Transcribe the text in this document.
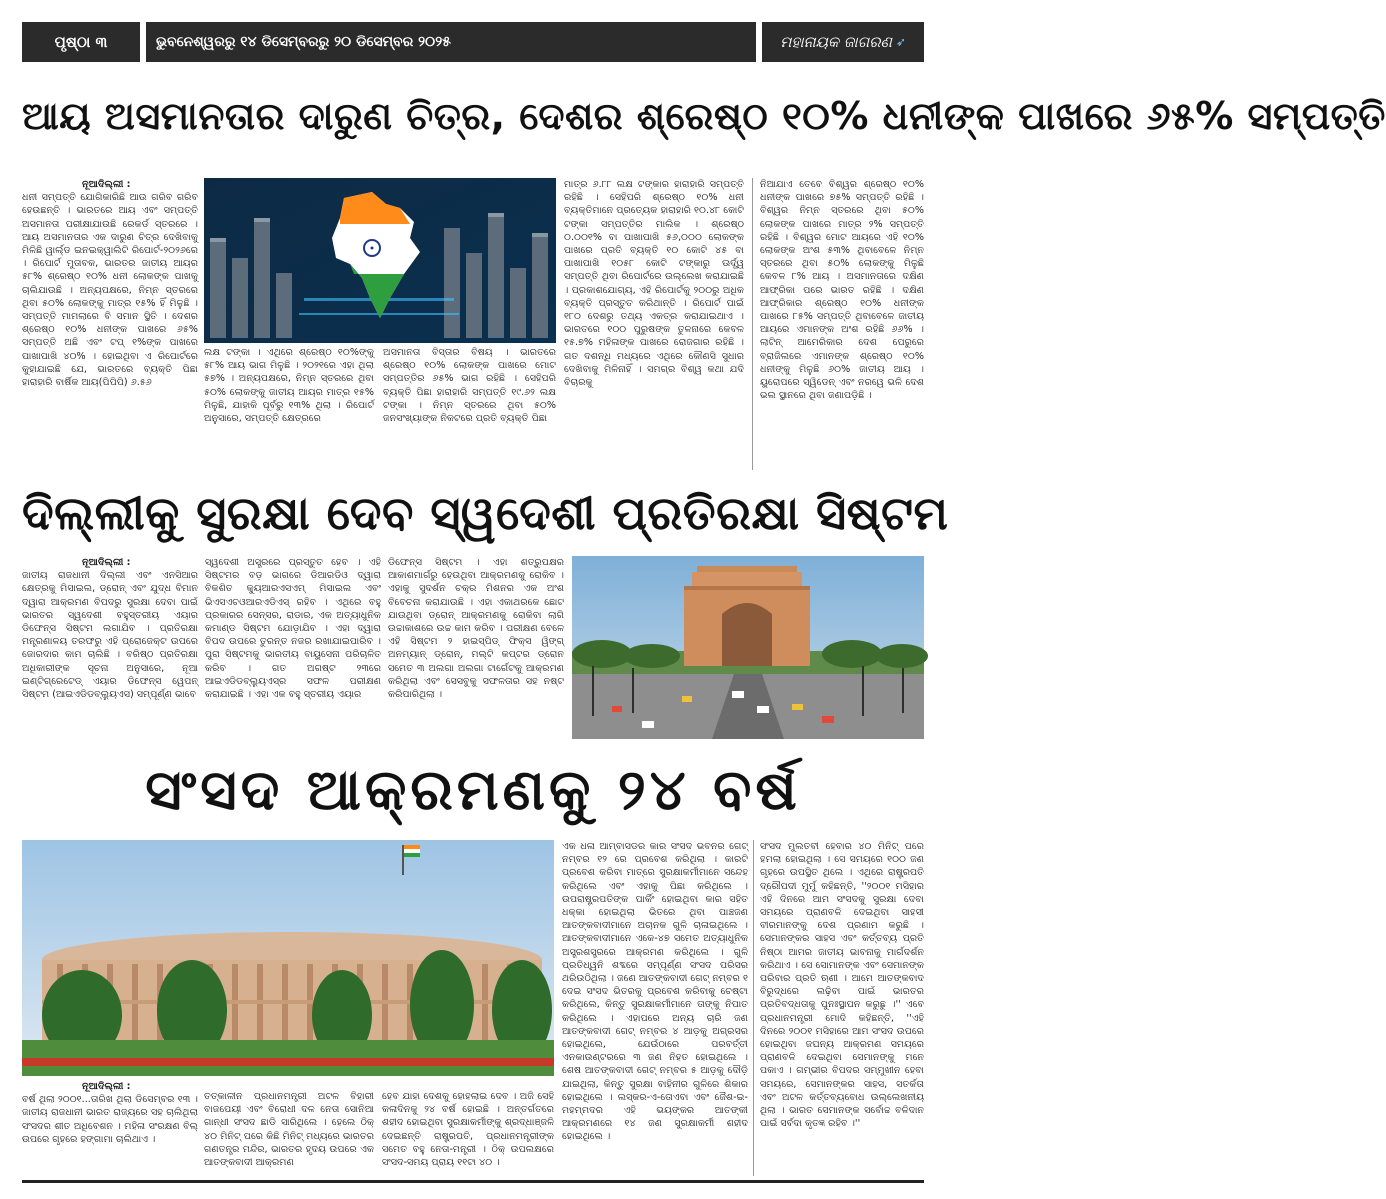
ପୃଷ୍ଠା ୩	ଭୁବନେଶ୍ୱରରୁ ୧୪ ଡିସେମ୍ବରରୁ ୨୦ ଡିସେମ୍ବର ୨୦୨୫	ମହାନାୟକ ଜାଗରଣ ➶
ଆୟ ଅସମାନତାର ଦାରୁଣ ଚିତ୍ର, ଦେଶର ଶ୍ରେଷ୍ଠ ୧୦% ଧନୀଙ୍କ ପାଖରେ ୬୫% ସମ୍ପତ୍ତି
ନୂଆଦିଲ୍ଲୀ :
ଧନୀ ସମ୍ପତ୍ତି ଯୋଗିକାରିଛି ଆଉ ଗରିବ ଗରିବ ହେଉଛନ୍ତି । ଭାରତରେ ଆୟ ଏବଂ ସମ୍ପତ୍ତି ଅସମାନତା ପରୀକ୍ଷାଯାଉଛି ରେକର୍ଡ ସ୍ତରରେ । ଆୟ ଅସମାନତାର ଏକ ଦାରୁଣ ଚିତ୍ର ଦେଖିବାକୁ ମିଳିଛି ୱାର୍ଲ୍ଡ ଇନଇକ୍ୱାଲିଟି ରିପୋର୍ଟ-୨୦୨୬ରେ । ରିପୋର୍ଟ ମୁତାବକ, ଭାରତର ଜାତୀୟ ଆୟର ୫୮% ଶ୍ରେଷ୍ଠ ୧୦% ଧନୀ ଲୋକଙ୍କ ପାଖକୁ ଚାଲିଯାଉଛି । ଅନ୍ୟପକ୍ଷରେ, ନିମ୍ନ ସ୍ତରରେ ଥିବା ୫୦% ଲୋକଙ୍କୁ ମାତ୍ର ୧୫% ହିଁ ମିଳୁଛି । ସମ୍ପତ୍ତି ମାମଲାରେ ବି ସମାନ ସ୍ଥିତି । ଦେଶର ଶ୍ରେଷ୍ଠ ୧୦% ଧନୀଙ୍କ ପାଖରେ ୬୫% ସମ୍ପତ୍ତି ଅଛି ଏବଂ ଟପ୍ ୧%ଙ୍କ ପାଖରେ ପାଖାପାଖି ୪୦% । ହୋଇଥିବା ଏ ରିପୋର୍ଟରେ କୁହାଯାଇଛି ଯେ, ଭାରତରେ ବ୍ୟକ୍ତି ପିଛା ହାରାହାରି ବାର୍ଷିକ ଆୟ(ପିପିପି) ୬.୫୬
ଲକ୍ଷ ଟଙ୍କା । ଏଥିରେ ଶ୍ରେଷ୍ଠ ୧୦%ଙ୍କୁ ୫୮% ଆୟ ଭାଗ ମିଳୁଛି । ୨୦୨୧ରେ ଏହା ଥିଲା ୫୭% । ଅନ୍ୟପକ୍ଷରେ, ନିମ୍ନ ସ୍ତରରେ ଥିବା ୫୦% ଲୋକଙ୍କୁ ଜାତୀୟ ଆୟର ମାତ୍ର ୧୫% ମିଳୁଛି, ଯାହାକି ପୂର୍ବରୁ ୧୩% ଥିଲା । ରିପୋର୍ଟ ଅନୁସାରେ, ସମ୍ପତ୍ତି କ୍ଷେତ୍ରରେ
ଅସମାନତା ବିସ୍ତାର ବିଷୟ । ଭାରତରେ ଶ୍ରେଷ୍ଠ ୧୦% ଲୋକଙ୍କ ପାଖରେ ମୋଟ ସମ୍ପତ୍ତିର ୬୫% ଭାଗ ରହିଛି । ସେହିପରି ବ୍ୟକ୍ତି ପିଛା ହାରାହାରି ସମ୍ପତ୍ତି ୧୯.୬୨ ଲକ୍ଷ ଟଙ୍କା । ନିମ୍ନ ସ୍ତରରେ ଥିବା ୫୦% ଜନସଂଖ୍ୟାଙ୍କ ନିକଟରେ ପ୍ରତି ବ୍ୟକ୍ତି ପିଛା
ମାତ୍ର ୬.୮୮ ଲକ୍ଷ ଟଙ୍କାର ହାରାହାରି ସମ୍ପତ୍ତି ରହିଛି । ସେହିପରି ଶ୍ରେଷ୍ଠ ୧୦% ଧନୀ ବ୍ୟକ୍ତିମାନେ ପ୍ରତ୍ୟେକ ହାରାହାରି ୧୦.୪୮ କୋଟି ଟଙ୍କା ସମ୍ପତ୍ତିର ମାଲିକ । ଶ୍ରେଷ୍ଠ ୦.୦୦୧% ବା ପାଖାପାଖି ୫୬,୦୦୦ ଲୋକଙ୍କ ପାଖରେ ପ୍ରତି ବ୍ୟକ୍ତି ୧୦ କୋଟି ୪୫ ବା ପାଖାପାଖି ୧୦୫୮ କୋଟି ଟଙ୍କାରୁ ଊର୍ଦ୍ଧ୍ୱ ସମ୍ପତ୍ତି ଥିବା ରିପୋର୍ଟରେ ଉଲ୍ଲେଖ କରାଯାଇଛି । ପ୍ରକାଶଯୋଗ୍ୟ, ଏହି ରିପୋର୍ଟକୁ ୨୦୦ରୁ ଅଧିକ ବ୍ୟକ୍ତି ପ୍ରସ୍ତୁତ କରିଥାନ୍ତି । ରିପୋର୍ଟ ପାଇଁ ୧୮୦ ଦେଶରୁ ତଥ୍ୟ ଏକତ୍ର କରାଯାଇଥାଏ । ଭାରତରେ ୧୦୦ ପୁରୁଷଙ୍କ ତୁଳନାରେ କେବଳ ୧୫.୭% ମହିଳାଙ୍କ ପାଖରେ ରୋଜଗାର ରହିଛି । ଗତ ଦଶନ୍ଧି ମଧ୍ୟରେ ଏଥିରେ କୌଣସି ସୁଧାର ଦେଖିବାକୁ ମିଳିନାହିଁ । ସମଗ୍ର ବିଶ୍ୱ କଥା ଯଦି ବିଚାରକୁ
ନିଆଯାଏ ତେବେ ବିଶ୍ୱର ଶ୍ରେଷ୍ଠ ୧୦% ଧନୀଙ୍କ ପାଖରେ ୭୫% ସମ୍ପତ୍ତି ରହିଛି । ବିଶ୍ୱର ନିମ୍ନ ସ୍ତରରେ ଥିବା ୫୦% ଲୋକଙ୍କ ପାଖରେ ମାତ୍ର ୨% ସମ୍ପତ୍ତି ରହିଛି । ବିଶ୍ୱର ମୋଟ ଆୟରେ ଏହି ୧୦% ଲୋକଙ୍କ ଅଂଶ ୫୩% ଥିବାବେଳେ ନିମ୍ନ ସ୍ତରରେ ଥିବା ୫୦% ଲୋକଙ୍କୁ ମିଳୁଛି କେବଳ ୮% ଆୟ । ଅସମାନତାରେ ଦକ୍ଷିଣ ଆଫ୍ରିକା ପରେ ଭାରତ ରହିଛି । ଦକ୍ଷିଣ ଆଫ୍ରିକାର ଶ୍ରେଷ୍ଠ ୧୦% ଧନୀଙ୍କ ପାଖରେ ୮୫% ସମ୍ପତ୍ତି ଥିବାବେଳେ ଜାତୀୟ ଆୟରେ ଏମାନଙ୍କ ଅଂଶ ରହିଛି ୬୬% । ଲାଟିନ୍ ଆମେରିକାର ଦେଶ ପେରୁରେ ବ୍ରାଜିଲରେ ଏମାନଙ୍କ ଶ୍ରେଷ୍ଠ ୧୦% ଧନୀଙ୍କୁ ମିଳୁଛି ୬୦% ଜାତୀୟ ଆୟ । ୟୁରୋପରେ ସ୍ୱିଡେନ୍ ଏବଂ ନରୱେ ଭଳି ଦେଶ ଭଲ ସ୍ଥାନରେ ଥିବା ଜଣାପଡ଼ିଛି ।
ଦିଲ୍ଲୀକୁ ସୁରକ୍ଷା ଦେବ ସ୍ୱଦେଶୀ ପ୍ରତିରକ୍ଷା ସିଷ୍ଟମ
ନୂଆଦିଲ୍ଲୀ :
ଜାତୀୟ ରାଜଧାନୀ ଦିଲ୍ଲୀ ଏବଂ ଏନସିଆର କ୍ଷେତ୍ରକୁ ମିସାଇଲ, ଡ୍ରୋନ୍ ଏବଂ ଯୁଦ୍ଧ ବିମାନ ଦ୍ୱାରା ଆକ୍ରମଣ ବିପଦରୁ ସୁରକ୍ଷା ଦେବା ପାଇଁ ଭାରତର ସ୍ୱଦେଶୀ ବହୁସ୍ତରୀୟ ଏୟାର ଡିଫେନ୍ସ ସିଷ୍ଟମ ଲଗାଯିବ । ପ୍ରତିରକ୍ଷା ମନ୍ତ୍ରଣାଳୟ ତରଫରୁ ଏହି ପ୍ରୋଜେକ୍ଟ ଉପରେ ଜୋରଦାର କାମ ଚାଲିଛି । ବରିଷ୍ଠ ପ୍ରତିରକ୍ଷା ଅଧିକାରୀଙ୍କ ସୂଚନା ଅନୁସାରେ, ନୂଆ ଇଣ୍ଟିଗ୍ରେଟେଡ୍ ଏୟାର ଡିଫେନ୍ସ ୱେପନ୍ ସିଷ୍ଟମ (ଆଇଏଡିଡବ୍ଲ୍ୟୁଏସ) ସମ୍ପୂର୍ଣ୍ଣ ଭାବେ
ସ୍ୱଦେଶୀ ଅସ୍ତ୍ରରେ ପ୍ରସ୍ତୁତ ହେବ । ଏହି ସିଷ୍ଟମର ବଡ଼ ଭାଗରେ ଡିଆରଡିଓ ଦ୍ୱାରା ବିକଶିତ କ୍ୟୁଆରଏସଏମ୍ ମିସାଇଲ ଏବଂ ଭିଏସଏଚଓଆରଏଡିଏସ୍ ରହିବ । ଏଥିରେ ବହୁ ପ୍ରକାରର ସେନ୍ସର, ରାଡାର, ଏକ ଅତ୍ୟାଧୁନିକ କମାଣ୍ଡ ସିଷ୍ଟମ ଯୋଡ଼ାଯିବ । ଏହା ଦ୍ୱାରା ବିପଦ ଉପରେ ତୁରନ୍ତ ନଜର ରଖାଯାଇପାରିବ । ପୁରା ସିଷ୍ଟମକୁ ଭାରତୀୟ ବାୟୁସେନା ପରିଚାଳିତ କରିବ । ଗତ ଅଗଷ୍ଟ ୨୩ରେ ଆଇଏଡିଡବ୍ଲ୍ୟୁଏସ୍ର ସଫଳ ପରୀକ୍ଷଣ କରାଯାଇଛି । ଏହା ଏକ ବହୁ ସ୍ତରୀୟ ଏୟାର
ଡିଫେନ୍ସ ସିଷ୍ଟମ । ଏହା ଶତ୍ରୁପକ୍ଷର ଆକାଶମାର୍ଗରୁ ହେଉଥିବା ଆକ୍ରମଣକୁ ରୋକିବ । ଏହାକୁ ସୁଦର୍ଶନ ଚକ୍ର ମିଶନର ଏକ ଅଂଶ ବିବେଚନା କରାଯାଉଛି । ଏହା ଏକାଥରକେ ଛୋଟ ଯାଉଥିବା ଡ୍ରୋନ୍ ଆକ୍ରମଣକୁ ରୋକିବା ଲାଗି ଉଚ୍ଚାକାଶରେ ଉଚ୍ଚ କାମ କରିବ । ପରୀକ୍ଷଣ ବେଳେ ଏହି ସିଷ୍ଟମ ୨ ହାଇସ୍ପିଡ୍ ଫିକ୍ସ ୱିଙ୍ଗ୍ ଅନମ୍ୟାନ୍ ଡ୍ରୋନ୍, ମଲ୍ଟି କପ୍ଟର ଡ୍ରୋନ ସମେତ ୩ ଅଲଗା ଅଲଗା ଟାର୍ଗେଟକୁ ଆକ୍ରମଣ କରିଥିଲା ଏବଂ ସେସବୁକୁ ସଫଳତାର ସହ ନଷ୍ଟ କରିପାରିଥିଲା ।
ସଂସଦ ଆକ୍ରମଣକୁ ୨୪ ବର୍ଷ
ନୂଆଦିଲ୍ଲୀ :
ବର୍ଷ ଥିଲା ୨୦୦୧...ତାରିଖ ଥିଲା ଡିସେମ୍ବର ୧୩ । ଜାତୀୟ ରାଜଧାନୀ ଭାରତ ରାଜ୍ୟରେ ସହ ଚାଲିଥିଲା ସଂସଦର ଶୀତ ଅଧିବେଶନ । ମହିଳା ସଂରକ୍ଷଣ ବିଲ୍ ଉପରେ ଗୃହରେ ହଙ୍ଗାମା ଚାଲିଥାଏ ।
ତତ୍କାଳୀନ ପ୍ରଧାନମନ୍ତ୍ରୀ ଅଟଳ ବିହାରୀ ବାଜପେୟୀ ଏବଂ ବିରୋଧୀ ଦଳ ନେତା ସୋନିଆ ଗାନ୍ଧୀ ସଂସଦ ଛାଡି ସାରିଥିଲେ । ହେଲେ ଠିକ୍ ୪୦ ମିନିଟ୍ ପରେ କିଛି ମିନିଟ୍ ମଧ୍ୟରେ ଭାରତର ଗଣତନ୍ତ୍ର ମନ୍ଦିର, ଭାରତର ହୃଦୟ ଉପରେ ଏକ ଆତଙ୍କବାଦୀ ଆକ୍ରମଣ
ହେବ ଯାହା ଦେଶକୁ ହୋହଲାଇ ଦେବ । ଅଜି ସେହି କଳାଦିନକୁ ୨୪ ବର୍ଷ ହୋଇଛି । ଅନ୍ତର୍ଗତରେ ଶହୀଦ ହୋଇଥିବା ସୁରକ୍ଷାକର୍ମୀଙ୍କୁ ଶ୍ରଦ୍ଧାଞ୍ଜଳି ଦେଇଛନ୍ତି ରାଷ୍ଟ୍ରପତି, ପ୍ରଧାନମନ୍ତ୍ରୀଙ୍କ ସମେତ ବହୁ ନେତା-ମନ୍ତ୍ରୀ । ଠିକ୍ ଉପଲକ୍ଷରେ ସଂସଦ-ସମୟ ପ୍ରାୟ ୧୧ଟା ୪୦ ।
ଏକ ଧଳା ଆମ୍ବାସଡର କାର ସଂସଦ ଭବନର ଗେଟ୍ ନମ୍ବର ୧୨ ରେ ପ୍ରବେଶ କରିଥିଲା । କାରଟି ପ୍ରବେଶ କରିବା ମାତ୍ରେ ସୁରକ୍ଷାକର୍ମୀମାନେ ସନ୍ଦେହ କରିଥିଲେ ଏବଂ ଏହାକୁ ପିଛା କରିଥିଲେ । ଉପରାଷ୍ଟ୍ରପତିଙ୍କ ପାର୍କିଂ ହୋଇଥିବା କାର ସହିତ ଧକ୍କା ହୋଇଥିଲା ଭିତରେ ଥିବା ପାଞ୍ଚଜଣ ଆତଙ୍କବାଦୀମାନେ ଅଚାନକ ଗୁଳି ଚାଳାଇଥିଲେ । ଆତଙ୍କବାଦୀମାନେ ଏକେ-୪୭ ସମେତ ଅତ୍ୟାଧୁନିକ ଅସ୍ତ୍ରଶସ୍ତ୍ରରେ ଆକ୍ରମଣ କରିଥିଲେ । ଗୁଳି ପ୍ରତିଧ୍ୱନି ଶବ୍ଦରେ ସମ୍ପୂର୍ଣ୍ଣ ସଂସଦ ପରିସର ଥରିଉଠିଥିଲା । ଜଣେ ଆତଙ୍କବାଦୀ ଗେଟ୍ ନମ୍ବର ୧ ଦେଇ ସଂସଦ ଭିତରକୁ ପ୍ରବେଶ କରିବାକୁ ଚେଷ୍ଟା କରିଥିଲେ, କିନ୍ତୁ ସୁରକ୍ଷାକର୍ମୀମାନେ ତାଙ୍କୁ ନିପାତ କରିଥିଲେ । ଏହାପରେ ଅନ୍ୟ ଚାରି ଜଣ ଆତଙ୍କବାଦୀ ଗେଟ୍ ନମ୍ବର ୪ ଆଡ଼କୁ ଅଗ୍ରସର ହୋଇଥିଲେ, ଯେଉଁଠାରେ ପରବର୍ତ୍ତୀ ଏନକାଉଣ୍ଟରରେ ୩ ଜଣ ନିହତ ହୋଇଥିଲେ । ଶେଷ ଆତଙ୍କବାଦୀ ଗେଟ୍ ନମ୍ବର ୫ ଆଡ଼କୁ ଦୌଡ଼ି ଯାଇଥିଲା, କିନ୍ତୁ ସୁରକ୍ଷା ବାହିନୀର ଗୁଳିରେ ଶିକାର ହୋଇଥିଲେ । ଲସ୍କର-ଏ-ତୋଏବା ଏବଂ ଜୈଶ-ଇ-ମହମ୍ମଦର ଏହି ଭୟଙ୍କର ଆତଙ୍କୀ ଆକ୍ରମଣରେ ୧୪ ଜଣ ସୁରକ୍ଷାକର୍ମୀ ଶହୀଦ ହୋଇଥିଲେ ।
ସଂସଦ ମୁଲତବୀ ହେବାର ୪୦ ମିନିଟ୍ ପରେ ହମଲା ହୋଇଥିଲା । ସେ ସମୟରେ ୧୦୦ ଜଣ ଗୃହରେ ଉପସ୍ଥିତ ଥିଲେ । ଏଥିରେ ରାଷ୍ଟ୍ରପତି ଦ୍ରୌପଦୀ ମୁର୍ମୁ କହିଛନ୍ତି, ''୨୦୦୧ ମସିହାର ଏହି ଦିନରେ ଆମ ସଂସଦକୁ ସୁରକ୍ଷା ଦେବା ସମୟରେ ପ୍ରାଣବଳି ଦେଇଥିବା ସାହସୀ ବୀରମାନଙ୍କୁ ଦେଶ ପ୍ରଣାମ କରୁଛି । ସେମାନଙ୍କର ସାହସ ଏବଂ କର୍ତ୍ତବ୍ୟ ପ୍ରତି ନିଷ୍ଠା ଆମର ଜାତୀୟ ଭାବନାକୁ ମାର୍ଗଦର୍ଶନ କରିଥାଏ । ସେ ସୋମାନଙ୍କ ଏବଂ ସେମାନଙ୍କ ପରିବାର ପ୍ରତି ଋଣୀ । ଆମେ ଆତଙ୍କବାଦ ବିରୁଦ୍ଧରେ ଲଢ଼ିବା ପାଇଁ ଭାରତର ପ୍ରତିବଦ୍ଧତାକୁ ପୁନଃସ୍ଥାପନ କରୁଛୁ ।'' ଏବେ ପ୍ରଧାନମନ୍ତ୍ରୀ ମୋଦି କହିଛନ୍ତି, ''ଏହି ଦିନରେ ୨୦୦୧ ମସିହାରେ ଆମ ସଂସଦ ଉପରେ ହୋଇଥିବା ଜଘନ୍ୟ ଆକ୍ରମଣ ସମୟରେ ପ୍ରାଣବଳି ଦେଇଥିବା ସେମାନଙ୍କୁ ମନେ ପକାଏ । ଗମ୍ଭୀର ବିପଦର ସମ୍ମୁଖୀନ ହେବା ସମୟରେ, ସେମାନଙ୍କର ସାହସ, ସତର୍କତା ଏବଂ ଅଟଳ କର୍ତ୍ତବ୍ୟବୋଧ ଉଲ୍ଲେଖନୀୟ ଥିଲା । ଭାରତ ସେମାନଙ୍କ ସର୍ବୋଚ୍ଚ ବଳିଦାନ ପାଇଁ ସର୍ବଦା କୃତଜ୍ଞ ରହିବ ।''
